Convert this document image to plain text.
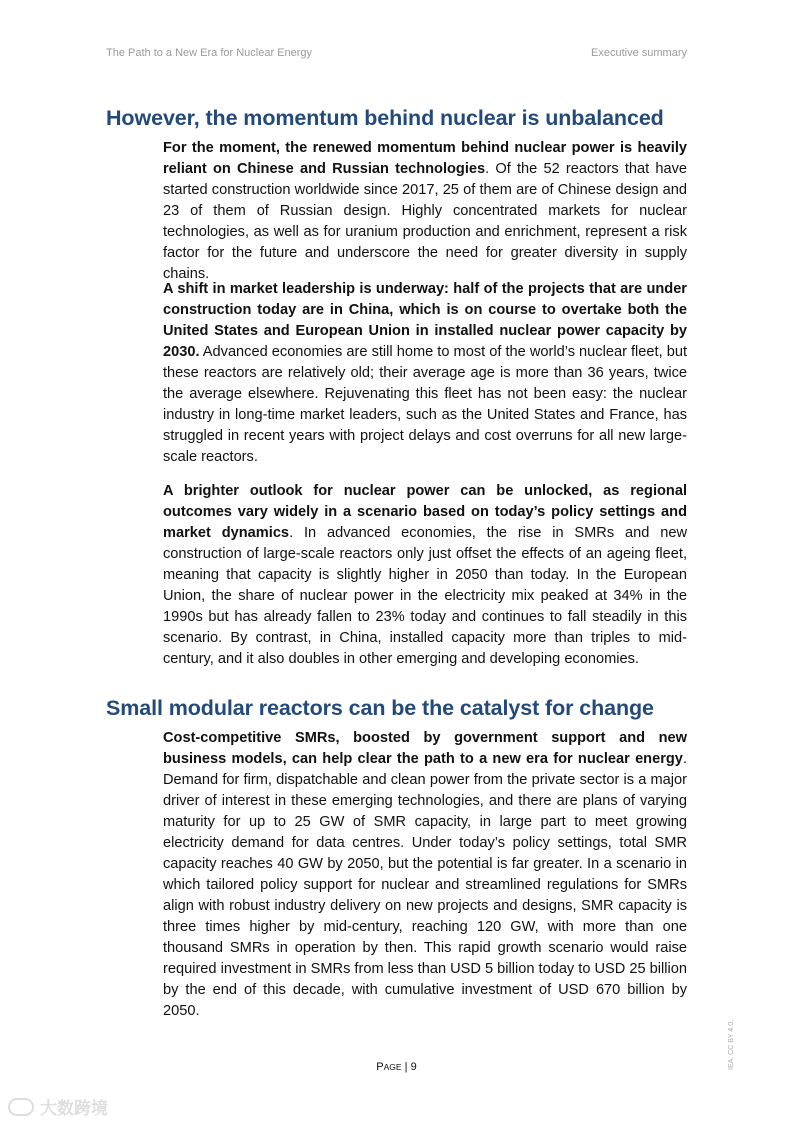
The Path to a New Era for Nuclear Energy	Executive summary
However, the momentum behind nuclear is unbalanced

For the moment, the renewed momentum behind nuclear power is heavily reliant on Chinese and Russian technologies. Of the 52 reactors that have started construction worldwide since 2017, 25 of them are of Chinese design and 23 of them of Russian design. Highly concentrated markets for nuclear technologies, as well as for uranium production and enrichment, represent a risk factor for the future and underscore the need for greater diversity in supply chains.

A shift in market leadership is underway: half of the projects that are under construction today are in China, which is on course to overtake both the United States and European Union in installed nuclear power capacity by 2030. Advanced economies are still home to most of the world’s nuclear fleet, but these reactors are relatively old; their average age is more than 36 years, twice the average elsewhere. Rejuvenating this fleet has not been easy: the nuclear industry in long-time market leaders, such as the United States and France, has struggled in recent years with project delays and cost overruns for all new large-scale reactors.

A brighter outlook for nuclear power can be unlocked, as regional outcomes vary widely in a scenario based on today’s policy settings and market dynamics. In advanced economies, the rise in SMRs and new construction of large-scale reactors only just offset the effects of an ageing fleet, meaning that capacity is slightly higher in 2050 than today. In the European Union, the share of nuclear power in the electricity mix peaked at 34% in the 1990s but has already fallen to 23% today and continues to fall steadily in this scenario. By contrast, in China, installed capacity more than triples to mid-century, and it also doubles in other emerging and developing economies.

Small modular reactors can be the catalyst for change

Cost-competitive SMRs, boosted by government support and new business models, can help clear the path to a new era for nuclear energy. Demand for firm, dispatchable and clean power from the private sector is a major driver of interest in these emerging technologies, and there are plans of varying maturity for up to 25 GW of SMR capacity, in large part to meet growing electricity demand for data centres. Under today’s policy settings, total SMR capacity reaches 40 GW by 2050, but the potential is far greater. In a scenario in which tailored policy support for nuclear and streamlined regulations for SMRs align with robust industry delivery on new projects and designs, SMR capacity is three times higher by mid-century, reaching 120 GW, with more than one thousand SMRs in operation by then. This rapid growth scenario would raise required investment in SMRs from less than USD 5 billion today to USD 25 billion by the end of this decade, with cumulative investment of USD 670 billion by 2050.

PAGE | 9	IEA. CC BY 4.0.
大数跨境
